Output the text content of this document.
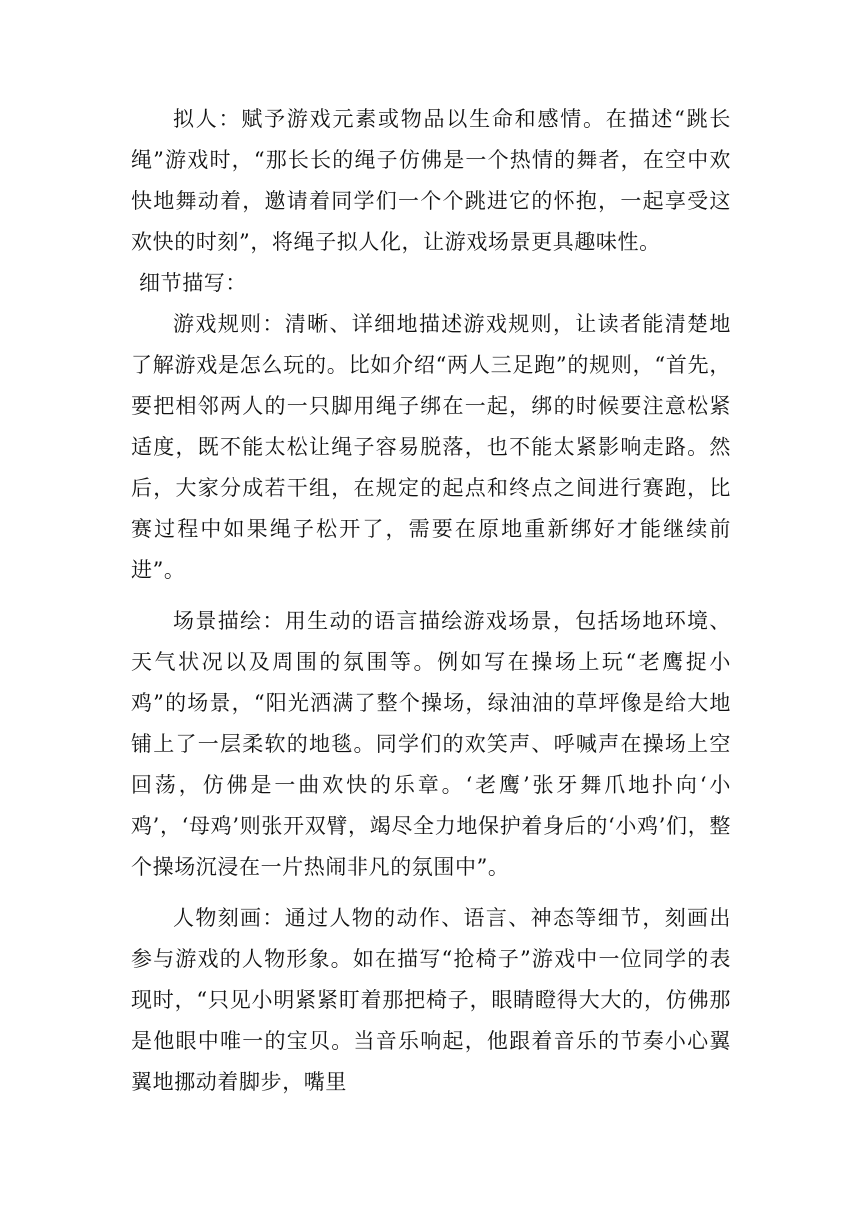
拟人：赋予游戏元素或物品以生命和感情。在描述“跳长绳”游戏时，“那长长的绳子仿佛是一个热情的舞者，在空中欢快地舞动着，邀请着同学们一个个跳进它的怀抱，一起享受这欢快的时刻”，将绳子拟人化，让游戏场景更具趣味性。

细节描写：

游戏规则：清晰、详细地描述游戏规则，让读者能清楚地了解游戏是怎么玩的。比如介绍“两人三足跑”的规则，“首先，要把相邻两人的一只脚用绳子绑在一起，绑的时候要注意松紧适度，既不能太松让绳子容易脱落，也不能太紧影响走路。然后，大家分成若干组，在规定的起点和终点之间进行赛跑，比赛过程中如果绳子松开了，需要在原地重新绑好才能继续前进”。

场景描绘：用生动的语言描绘游戏场景，包括场地环境、天气状况以及周围的氛围等。例如写在操场上玩“老鹰捉小鸡”的场景，“阳光洒满了整个操场，绿油油的草坪像是给大地铺上了一层柔软的地毯。同学们的欢笑声、呼喊声在操场上空回荡，仿佛是一曲欢快的乐章。‘老鹰’张牙舞爪地扑向‘小鸡’，‘母鸡’则张开双臂，竭尽全力地保护着身后的‘小鸡’们，整个操场沉浸在一片热闹非凡的氛围中”。

人物刻画：通过人物的动作、语言、神态等细节，刻画出参与游戏的人物形象。如在描写“抢椅子”游戏中一位同学的表现时，“只见小明紧紧盯着那把椅子，眼睛瞪得大大的，仿佛那是他眼中唯一的宝贝。当音乐响起，他跟着音乐的节奏小心翼翼地挪动着脚步，嘴里
